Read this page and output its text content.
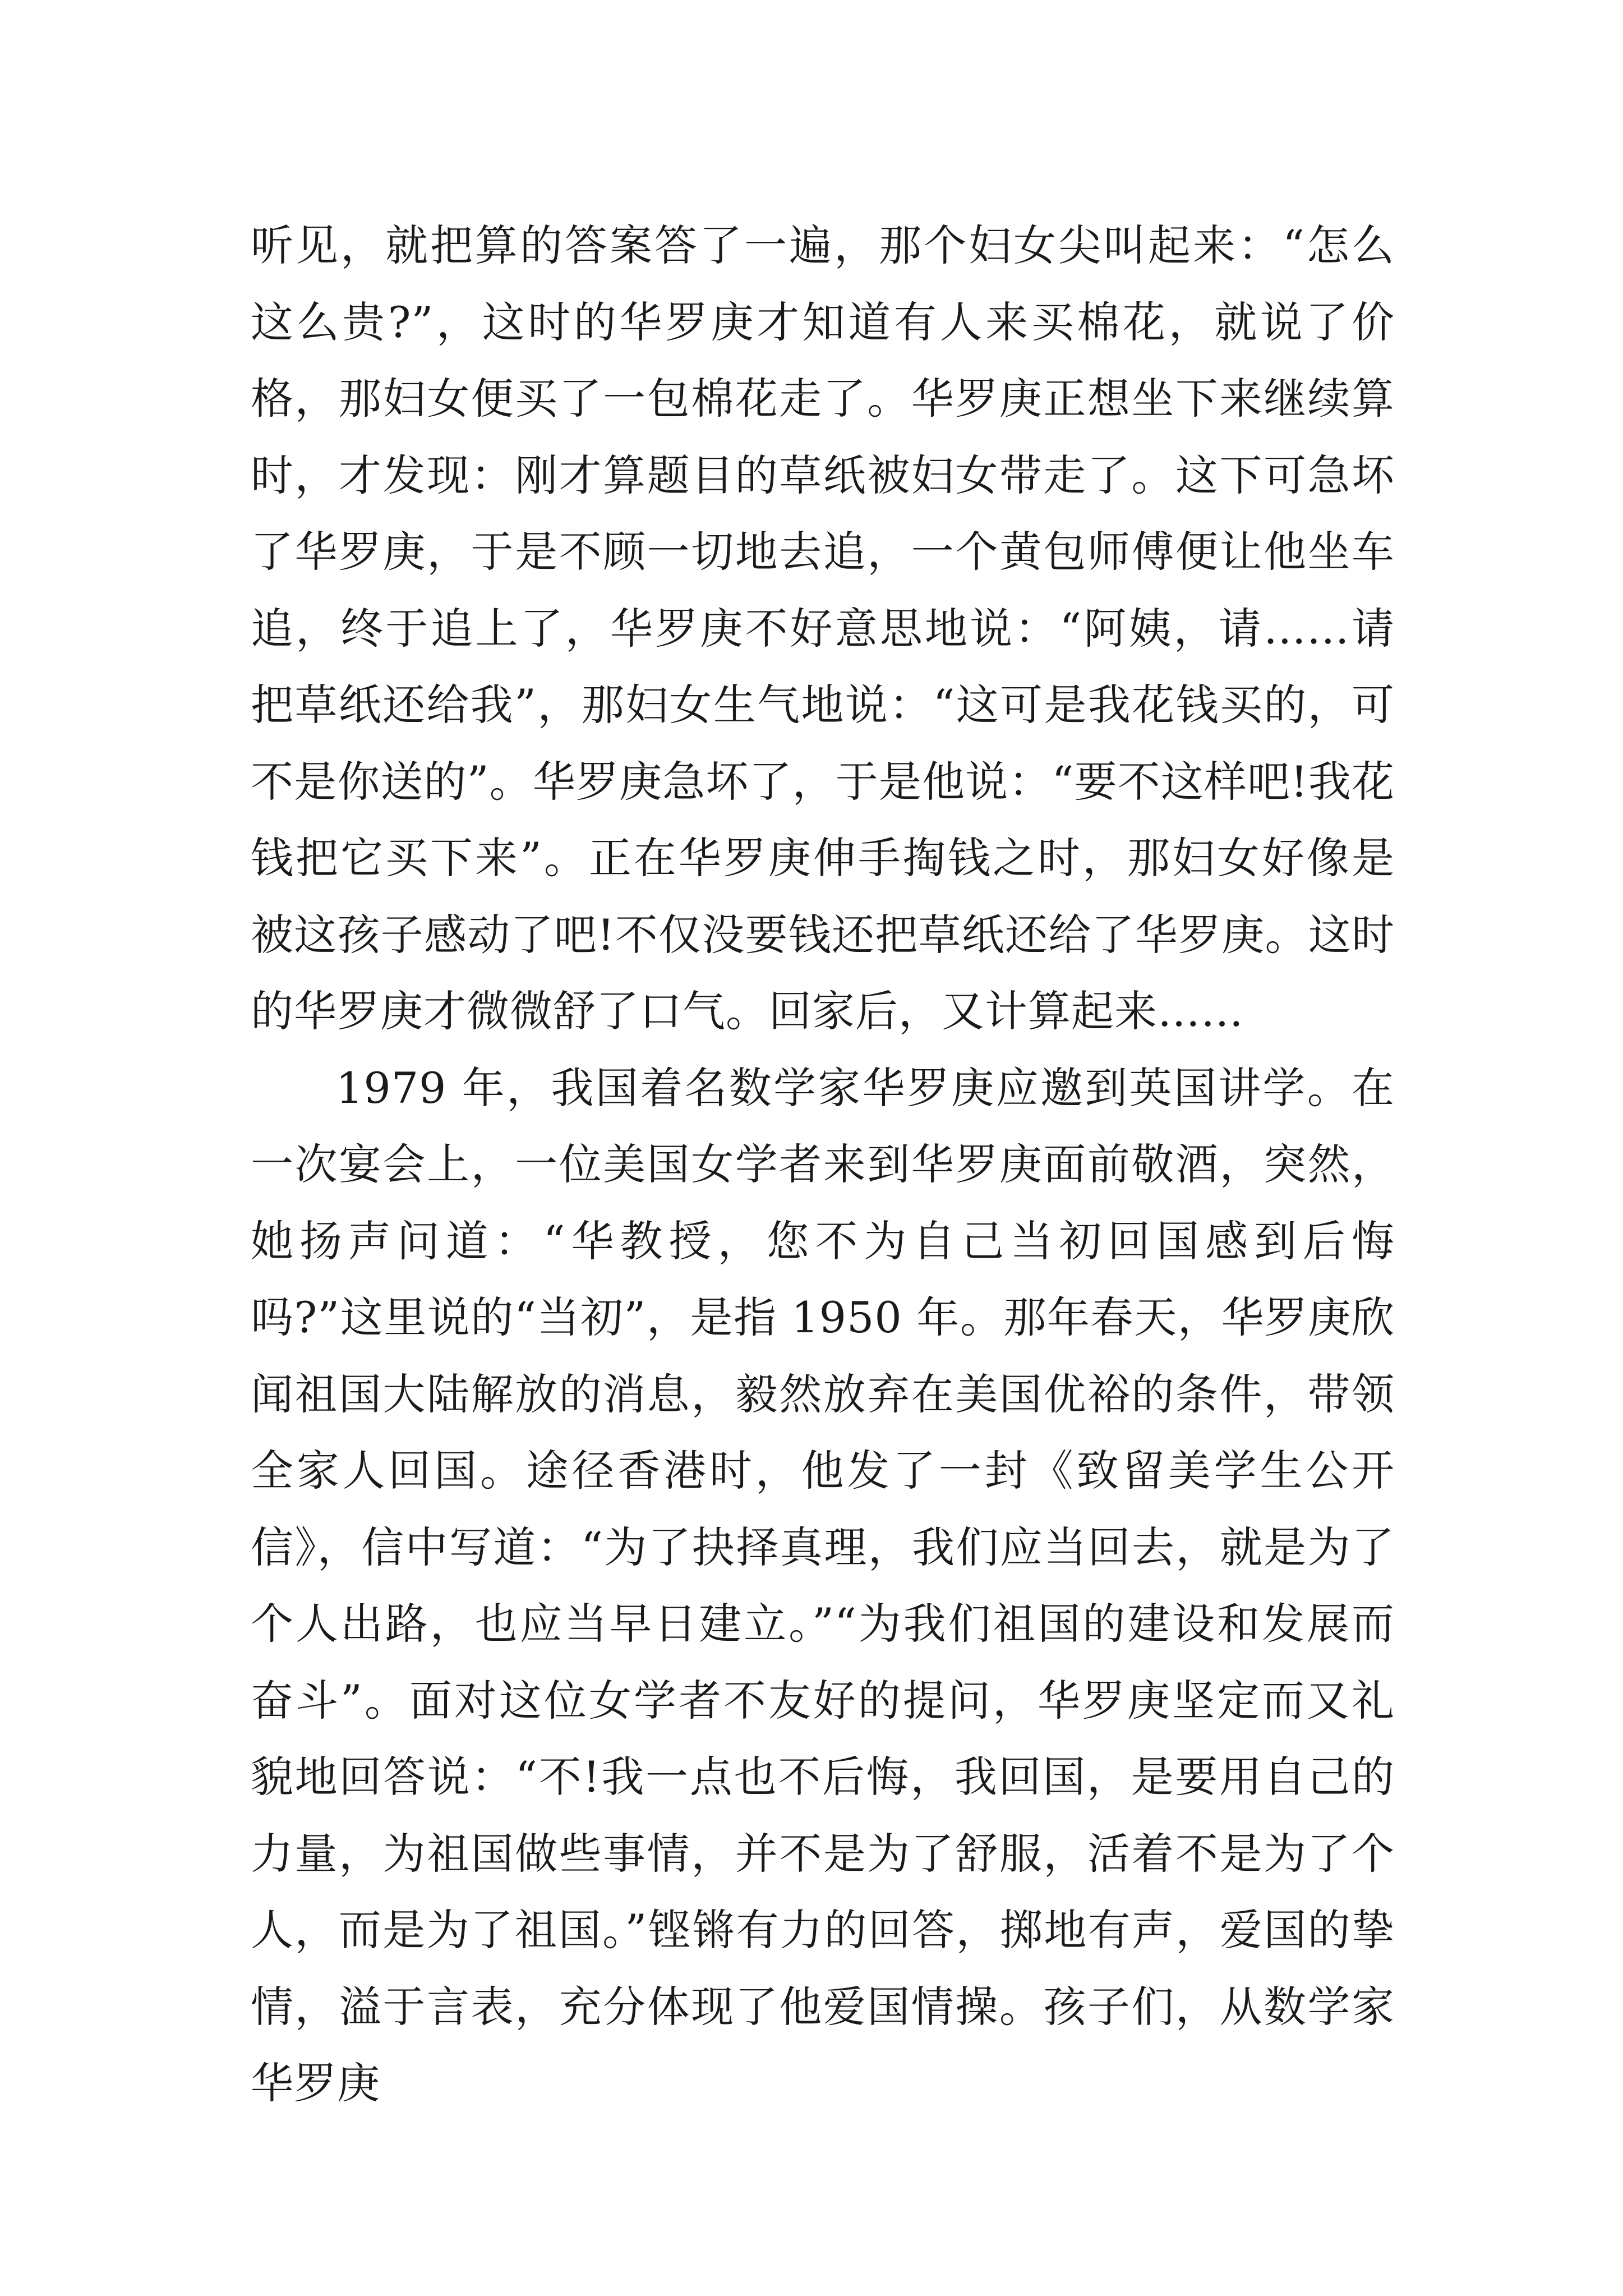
听见，就把算的答案答了一遍，那个妇女尖叫起来：“怎么这么贵?”，这时的华罗庚才知道有人来买棉花，就说了价格，那妇女便买了一包棉花走了。华罗庚正想坐下来继续算时，才发现：刚才算题目的草纸被妇女带走了。这下可急坏了华罗庚，于是不顾一切地去追，一个黄包师傅便让他坐车追，终于追上了，华罗庚不好意思地说：“阿姨，请……请把草纸还给我”，那妇女生气地说：“这可是我花钱买的，可不是你送的”。华罗庚急坏了，于是他说：“要不这样吧!我花钱把它买下来”。正在华罗庚伸手掏钱之时，那妇女好像是被这孩子感动了吧!不仅没要钱还把草纸还给了华罗庚。这时的华罗庚才微微舒了口气。回家后，又计算起来……

1979 年，我国着名数学家华罗庚应邀到英国讲学。在一次宴会上，一位美国女学者来到华罗庚面前敬酒，突然，她扬声问道：“华教授，您不为自己当初回国感到后悔吗?”这里说的“当初”，是指 1950 年。那年春天，华罗庚欣闻祖国大陆解放的消息，毅然放弃在美国优裕的条件，带领全家人回国。途径香港时，他发了一封《致留美学生公开信》，信中写道：“为了抉择真理，我们应当回去，就是为了个人出路，也应当早日建立。”“为我们祖国的建设和发展而奋斗”。面对这位女学者不友好的提问，华罗庚坚定而又礼貌地回答说：“不!我一点也不后悔，我回国，是要用自己的力量，为祖国做些事情，并不是为了舒服，活着不是为了个人，而是为了祖国。”铿锵有力的回答，掷地有声，爱国的挚情，溢于言表，充分体现了他爱国情操。孩子们，从数学家华罗庚
